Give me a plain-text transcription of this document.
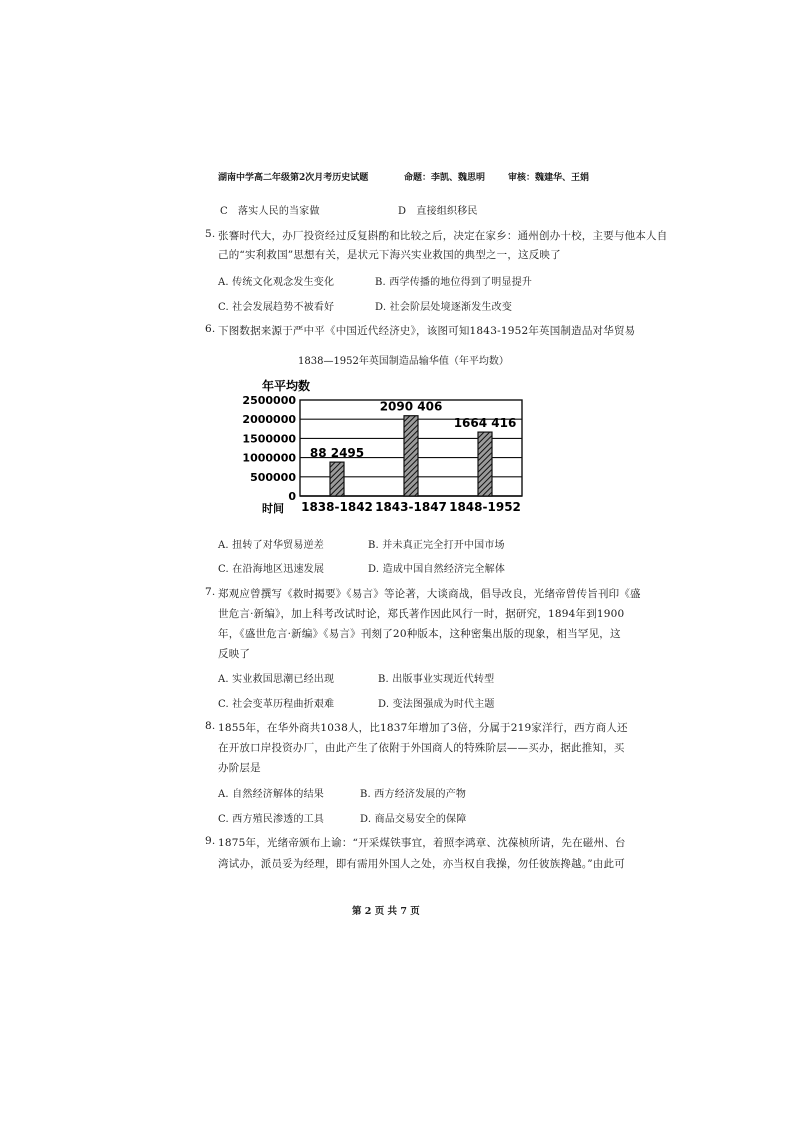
湖南中学高二年级第2次月考历史试题	命题：李凯、魏思明	审核：魏建华、王娟
C　落实人民的当家做	D　直接组织移民
5. 张謇时代大，办厂投资经过反复斟酌和比较之后，决定在家乡：通州创办十校，主要与他本人自
己的“实利救国”思想有关，是状元下海兴实业救国的典型之一，这反映了
A. 传统文化观念发生变化	B. 西学传播的地位得到了明显提升
C. 社会发展趋势不被看好	D. 社会阶层处境逐渐发生改变
6. 下图数据来源于严中平《中国近代经济史》，该图可知1843-1952年英国制造品对华贸易
1838—1952年英国制造品输华值（年平均数）
年平均数
时间
0
500000
1000000
1500000
2000000
2500000
88 2495
2090 406
1664 416
1838-1842 1843-1847 1848-1952
A. 扭转了对华贸易逆差	B. 并未真正完全打开中国市场
C. 在沿海地区迅速发展	D. 造成中国自然经济完全解体
7. 郑观应曾撰写《救时揭要》《易言》等论著，大谈商战，倡导改良，光绪帝曾传旨刊印《盛
世危言·新编》，加上科考改试时论，郑氏著作因此风行一时，据研究，1894年到1900
年，《盛世危言·新编》《易言》刊刻了20种版本，这种密集出版的现象，相当罕见，这
反映了
A. 实业救国思潮已经出现	B. 出版事业实现近代转型
C. 社会变革历程曲折艰难	D. 变法图强成为时代主题
8. 1855年，在华外商共1038人，比1837年增加了3倍，分属于219家洋行，西方商人还
在开放口岸投资办厂，由此产生了依附于外国商人的特殊阶层——买办，据此推知，买
办阶层是
A. 自然经济解体的结果	B. 西方经济发展的产物
C. 西方殖民渗透的工具	D. 商品交易安全的保障
9. 1875年，光绪帝颁布上谕：“开采煤铁事宜，着照李鸿章、沈葆桢所请，先在磁州、台
湾试办，派员妥为经理，即有需用外国人之处，亦当权自我操，勿任彼族搀越。”由此可
第 2 页 共 7 页
